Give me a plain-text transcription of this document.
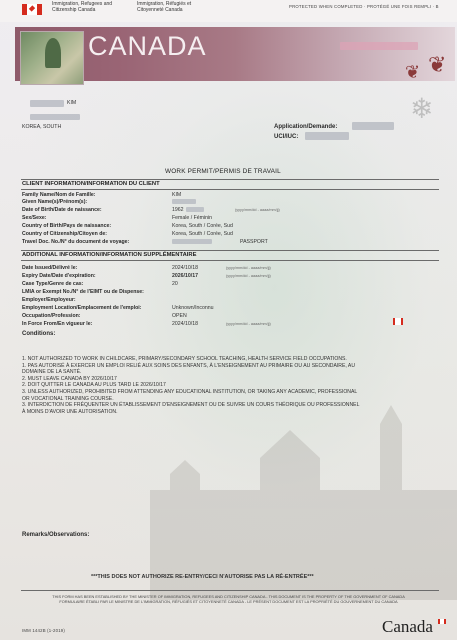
Immigration, Refugees and
Citizenship Canada
Immigration, Réfugiés et
Citoyenneté Canada	PROTECTED WHEN COMPLETED · PROTÉGÉ UNE FOIS REMPLI · B
CANADA
❦ ❦
❄
KIM
KOREA, SOUTH	Application/Demande:
UCI/IUC:
WORK PERMIT/PERMIS DE TRAVAIL
CLIENT INFORMATION/INFORMATION DU CLIENT
Family Name/Nom de Famille:	KIM
Given Name(s)/Prénom(s):
Date of Birth/Date de naissance:	1962	(yyyy/mm/dd - aaaa/mm/jj)
Sex/Sexe:	Female / Féminin
Country of Birth/Pays de naissance:	Korea, South / Corée, Sud
Country of Citizenship/Citoyen de:	Korea, South / Corée, Sud
Travel Doc. No./N° du document de voyage:	PASSPORT
ADDITIONAL INFORMATION/INFORMATION SUPPLÉMENTAIRE
Date Issued/Délivré le:	2024/10/18	(yyyy/mm/dd - aaaa/mm/jj)
Expiry Date/Date d'expiration:	2026/10/17	(yyyy/mm/dd - aaaa/mm/jj)
Case Type/Genre de cas:	20
LMIA or Exempt No./N° de l'EIMT ou de Dispense:
Employer/Employeur:
Employment Location/Emplacement de l'emploi:	Unknown/Inconnu
Occupation/Profession:	OPEN
In Force From/En vigueur le:	2024/10/18	(yyyy/mm/dd - aaaa/mm/jj)
Conditions:
1. NOT AUTHORIZED TO WORK IN CHILDCARE, PRIMARY/SECONDARY SCHOOL TEACHING, HEALTH SERVICE FIELD OCCUPATIONS.
1. PAS AUTORISÉ À EXERCER UN EMPLOI RELIÉ AUX SOINS DES ENFANTS, À L'ENSEIGNEMENT AU PRIMAIRE OU AU SECONDAIRE, AU
DOMAINE DE LA SANTÉ.
2. MUST LEAVE CANADA BY 2026/10/17
2. DOIT QUITTER LE CANADA AU PLUS TARD LE 2026/10/17
3. UNLESS AUTHORIZED, PROHIBITED FROM ATTENDING ANY EDUCATIONAL INSTITUTION, OR TAKING ANY ACADEMIC, PROFESSIONAL
OR VOCATIONAL TRAINING COURSE.
3. INTERDICTION DE FRÉQUENTER UN ÉTABLISSEMENT D'ENSEIGNEMENT OU DE SUIVRE UN COURS THÉORIQUE OU PROFESSIONNEL
À MOINS D'AVOIR UNE AUTORISATION.
Remarks/Observations:
***THIS DOES NOT AUTHORIZE RE-ENTRY/CECI N'AUTORISE PAS LA RÉ-ENTRÉE***
THIS FORM HAS BEEN ESTABLISHED BY THE MINISTER OF IMMIGRATION, REFUGEES AND CITIZENSHIP CANADA - THIS DOCUMENT IS THE PROPERTY OF THE GOVERNMENT OF CANADA
FORMULAIRE ÉTABLI PAR LE MINISTRE DE L'IMMIGRATION, RÉFUGIÉS ET CITOYENNETÉ CANADA - LE PRÉSENT DOCUMENT EST LA PROPRIÉTÉ DU GOUVERNEMENT DU CANADA
IMM 1442B (1-2019)	Canada
